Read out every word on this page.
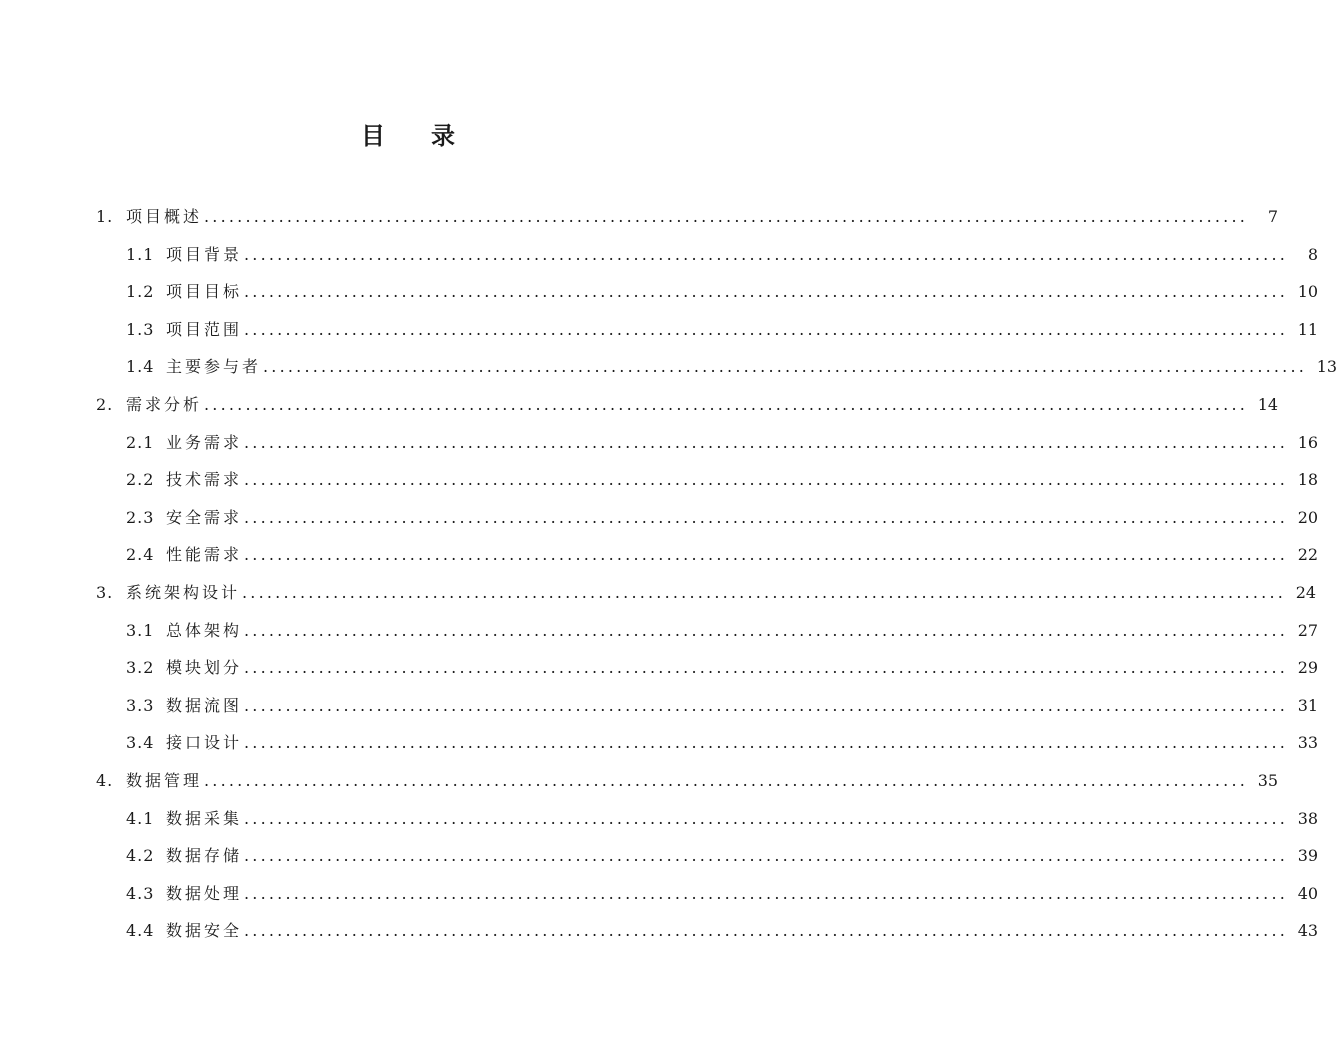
目 录
1. 项目概述 ..............................................................................................................................	7
1.1 项目背景 ..............................................................................................................................	8
1.2 项目目标 .............................................................................................................................. 10
1.3 项目范围 .............................................................................................................................. 11
1.4 主要参与者 .............................................................................................................................. 13
2. 需求分析 .............................................................................................................................. 14
2.1 业务需求 .............................................................................................................................. 16
2.2 技术需求 .............................................................................................................................. 18
2.3 安全需求 .............................................................................................................................. 20
2.4 性能需求 .............................................................................................................................. 22
3. 系统架构设计 .............................................................................................................................. 24
3.1 总体架构 .............................................................................................................................. 27
3.2 模块划分 .............................................................................................................................. 29
3.3 数据流图 .............................................................................................................................. 31
3.4 接口设计 .............................................................................................................................. 33
4. 数据管理 .............................................................................................................................. 35
4.1 数据采集 .............................................................................................................................. 38
4.2 数据存储 .............................................................................................................................. 39
4.3 数据处理 .............................................................................................................................. 40
4.4 数据安全 .............................................................................................................................. 43
